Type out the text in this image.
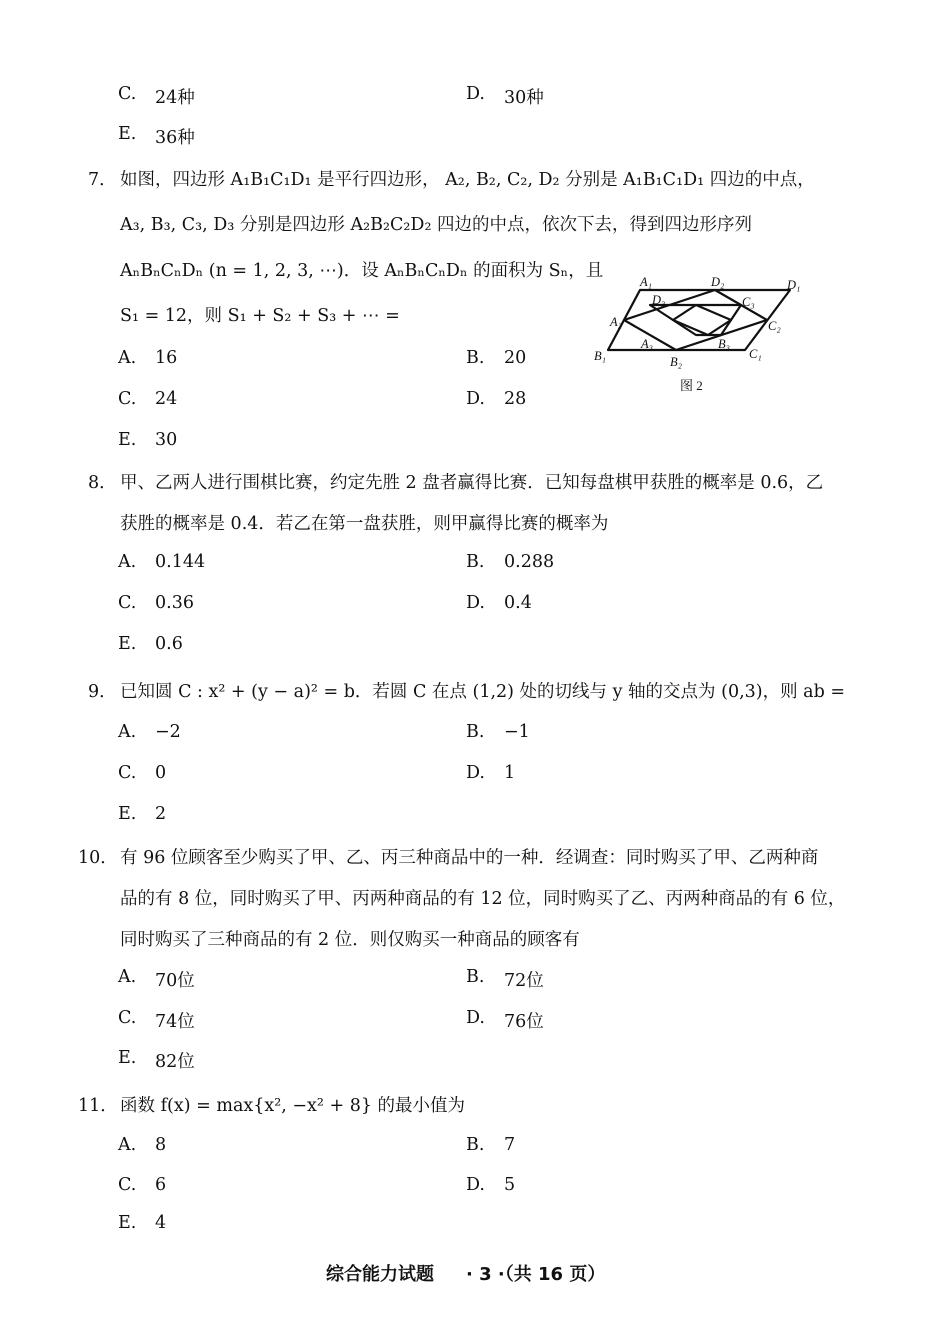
C. 24种	D. 30种
E. 36种
7． 如图，四边形 A₁B₁C₁D₁ 是平行四边形， A₂, B₂, C₂, D₂ 分别是 A₁B₁C₁D₁ 四边的中点，
A₃, B₃, C₃, D₃ 分别是四边形 A₂B₂C₂D₂ 四边的中点，依次下去，得到四边形序列
AₙBₙCₙDₙ (n = 1, 2, 3, ⋯)．设 AₙBₙCₙDₙ 的面积为 Sₙ，且
S₁ = 12，则 S₁ + S₂ + S₃ + ⋯ =
A. 16	B. 20
C. 24	D. 28
E. 30
A₁	D₂	D₁
D₃	C₃
A₂	C₂
A₃	B₃
B₁	B₂
C₁
图 2
8． 甲、乙两人进行围棋比赛，约定先胜 2 盘者赢得比赛．已知每盘棋甲获胜的概率是 0.6，乙
获胜的概率是 0.4．若乙在第一盘获胜，则甲赢得比赛的概率为
A. 0.144	B. 0.288
C. 0.36	D. 0.4
E. 0.6
9． 已知圆 C : x² + (y − a)² = b．若圆 C 在点 (1,2) 处的切线与 y 轴的交点为 (0,3)，则 ab =
A. −2	B. −1
C. 0	D. 1
E. 2
10． 有 96 位顾客至少购买了甲、乙、丙三种商品中的一种．经调查：同时购买了甲、乙两种商
品的有 8 位，同时购买了甲、丙两种商品的有 12 位，同时购买了乙、丙两种商品的有 6 位，
同时购买了三种商品的有 2 位．则仅购买一种商品的顾客有
A. 70位	B. 72位
C. 74位	D. 76位
E. 82位
11． 函数 f(x) = max{x², −x² + 8} 的最小值为
A. 8	B. 7
C. 6	D. 5
E. 4
综合能力试题 · 3 ·（共 16 页）
